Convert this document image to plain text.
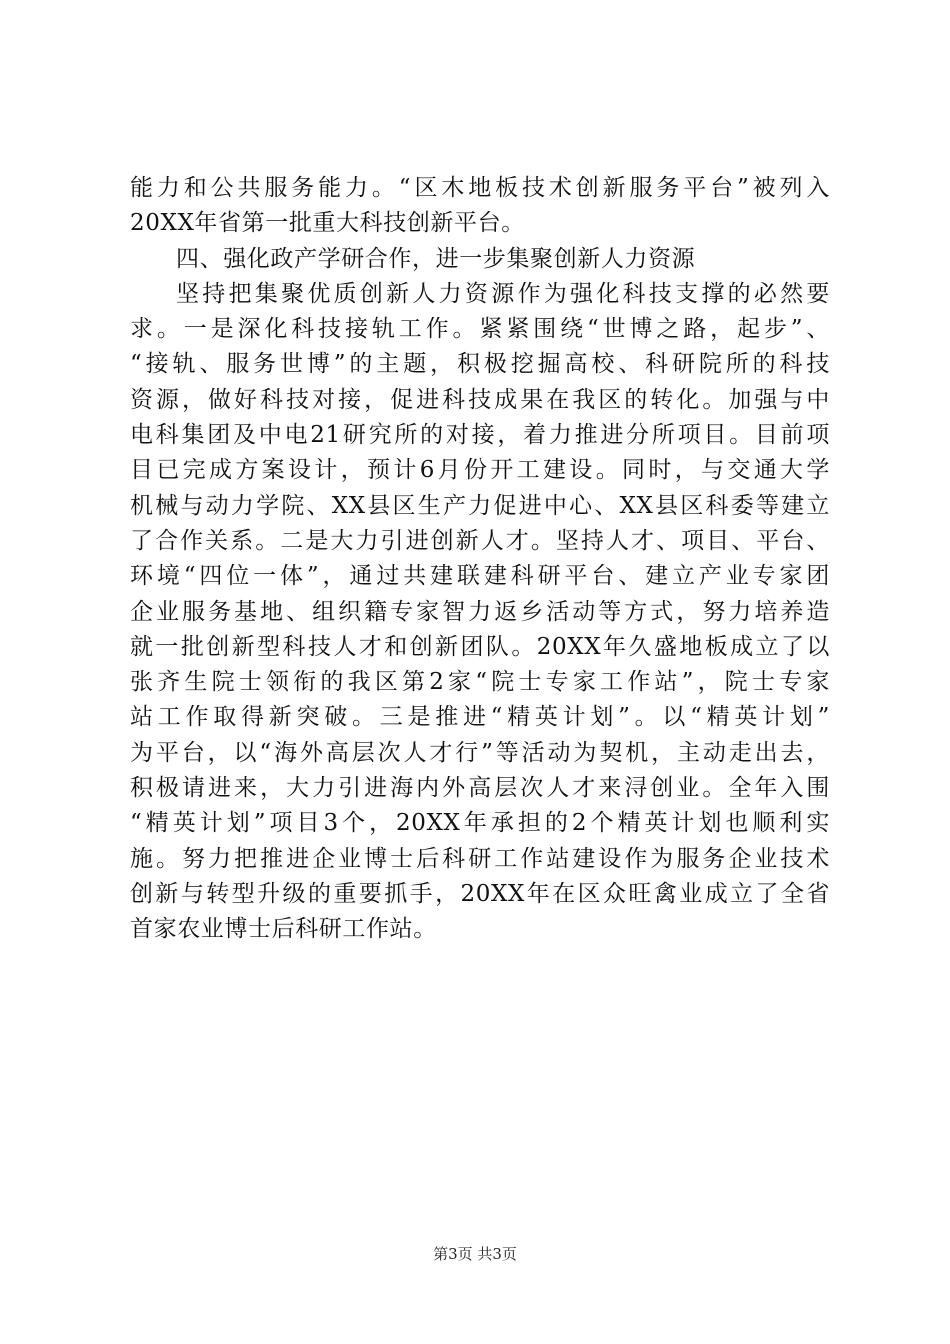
能力和公共服务能力。“区木地板技术创新服务平台”被列入
20XX年省第一批重大科技创新平台。
四、强化政产学研合作，进一步集聚创新人力资源
坚持把集聚优质创新人力资源作为强化科技支撑的必然要
求。一是深化科技接轨工作。紧紧围绕“世博之路，起步”、
“接轨、服务世博”的主题，积极挖掘高校、科研院所的科技
资源，做好科技对接，促进科技成果在我区的转化。加强与中
电科集团及中电21研究所的对接，着力推进分所项目。目前项
目已完成方案设计，预计6月份开工建设。同时，与交通大学
机械与动力学院、XX县区生产力促进中心、XX县区科委等建立
了合作关系。二是大力引进创新人才。坚持人才、项目、平台、
环境“四位一体”，通过共建联建科研平台、建立产业专家团
企业服务基地、组织籍专家智力返乡活动等方式，努力培养造
就一批创新型科技人才和创新团队。20XX年久盛地板成立了以
张齐生院士领衔的我区第2家“院士专家工作站”，院士专家
站工作取得新突破。三是推进“精英计划”。以“精英计划”
为平台，以“海外高层次人才行”等活动为契机，主动走出去，
积极请进来，大力引进海内外高层次人才来浔创业。全年入围
“精英计划”项目3个，20XX年承担的2个精英计划也顺利实
施。努力把推进企业博士后科研工作站建设作为服务企业技术
创新与转型升级的重要抓手，20XX年在区众旺禽业成立了全省
首家农业博士后科研工作站。
第3页 共3页
